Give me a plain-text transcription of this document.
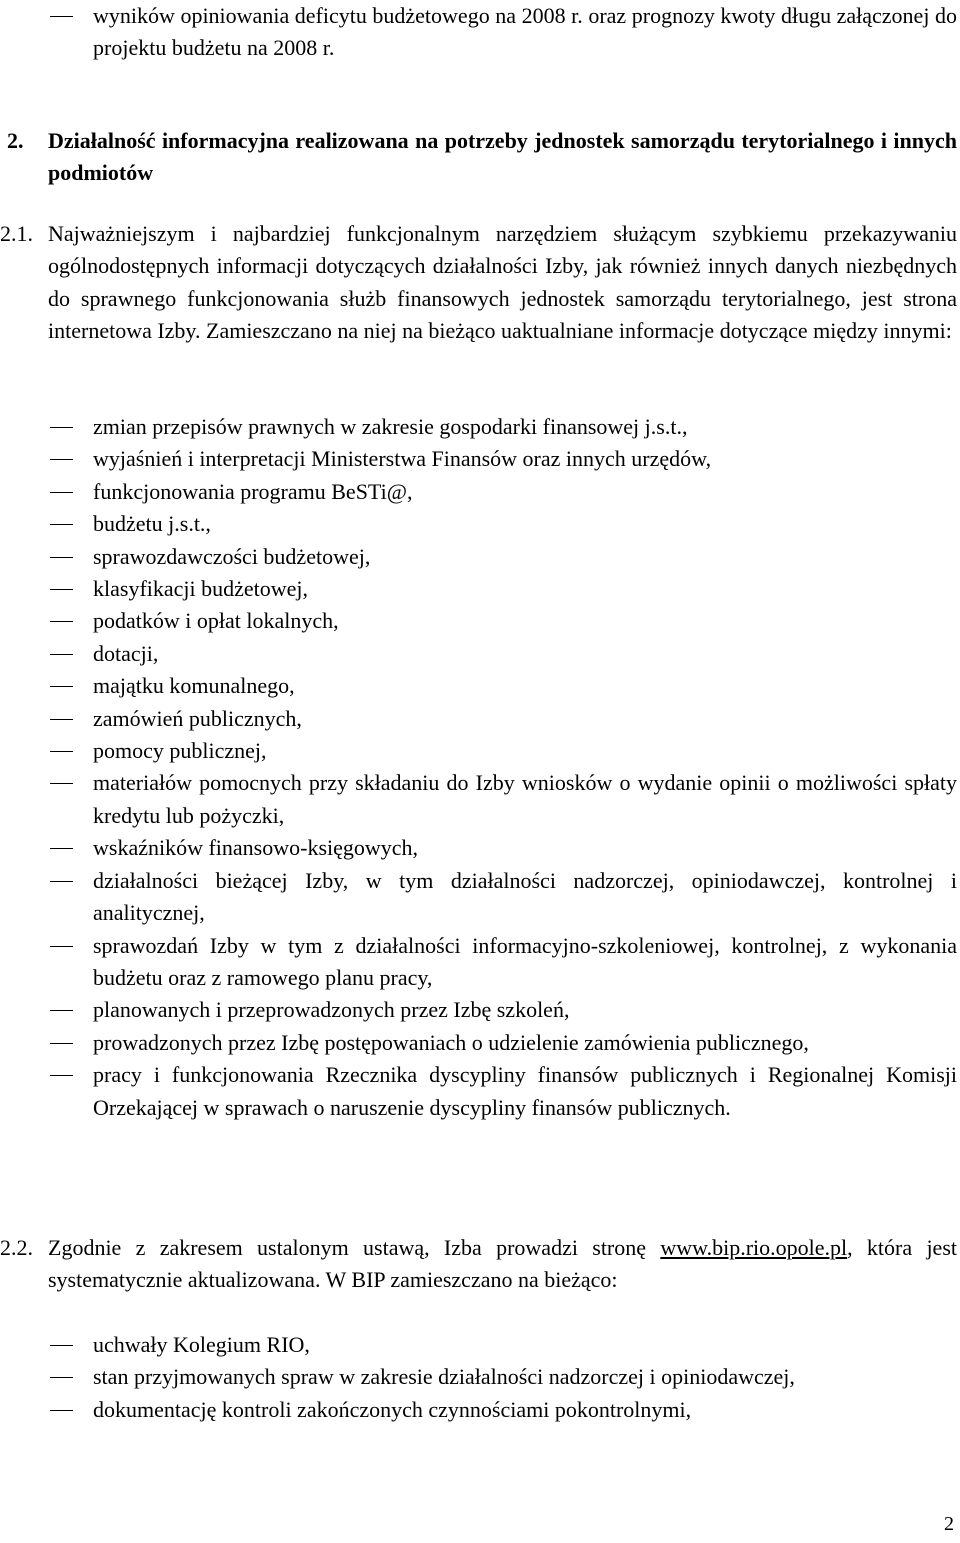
wyników opiniowania deficytu budżetowego na 2008 r. oraz prognozy kwoty długu załączonej do projektu budżetu na 2008 r.
2.	Działalność informacyjna realizowana na potrzeby jednostek samorządu terytorialnego i innych podmiotów
2.1. Najważniejszym i najbardziej funkcjonalnym narzędziem służącym szybkiemu przekazywaniu ogólnodostępnych informacji dotyczących działalności Izby, jak również innych danych niezbędnych do sprawnego funkcjonowania służb finansowych jednostek samorządu terytorialnego, jest strona internetowa Izby. Zamieszczano na niej na bieżąco uaktualniane informacje dotyczące między innymi:
zmian przepisów prawnych w zakresie gospodarki finansowej j.s.t.,
wyjaśnień i interpretacji Ministerstwa Finansów oraz innych urzędów,
funkcjonowania programu BeSTi@,
budżetu j.s.t.,
sprawozdawczości budżetowej,
klasyfikacji budżetowej,
podatków i opłat lokalnych,
dotacji,
majątku komunalnego,
zamówień publicznych,
pomocy publicznej,
materiałów pomocnych przy składaniu do Izby wniosków o wydanie opinii o możliwości spłaty kredytu lub pożyczki,
wskaźników finansowo-księgowych,
działalności bieżącej Izby, w tym działalności nadzorczej, opiniodawczej, kontrolnej i analitycznej,
sprawozdań Izby w tym z działalności informacyjno-szkoleniowej, kontrolnej, z wykonania budżetu oraz z ramowego planu pracy,
planowanych i przeprowadzonych przez Izbę szkoleń,
prowadzonych przez Izbę postępowaniach o udzielenie zamówienia publicznego,
pracy i funkcjonowania Rzecznika dyscypliny finansów publicznych i Regionalnej Komisji Orzekającej w sprawach o naruszenie dyscypliny finansów publicznych.
2.2. Zgodnie z zakresem ustalonym ustawą, Izba prowadzi stronę www.bip.rio.opole.pl, która jest systematycznie aktualizowana. W BIP zamieszczano na bieżąco:
uchwały Kolegium RIO,
stan przyjmowanych spraw w zakresie działalności nadzorczej i opiniodawczej,
dokumentację kontroli zakończonych czynnościami pokontrolnymi,
2
